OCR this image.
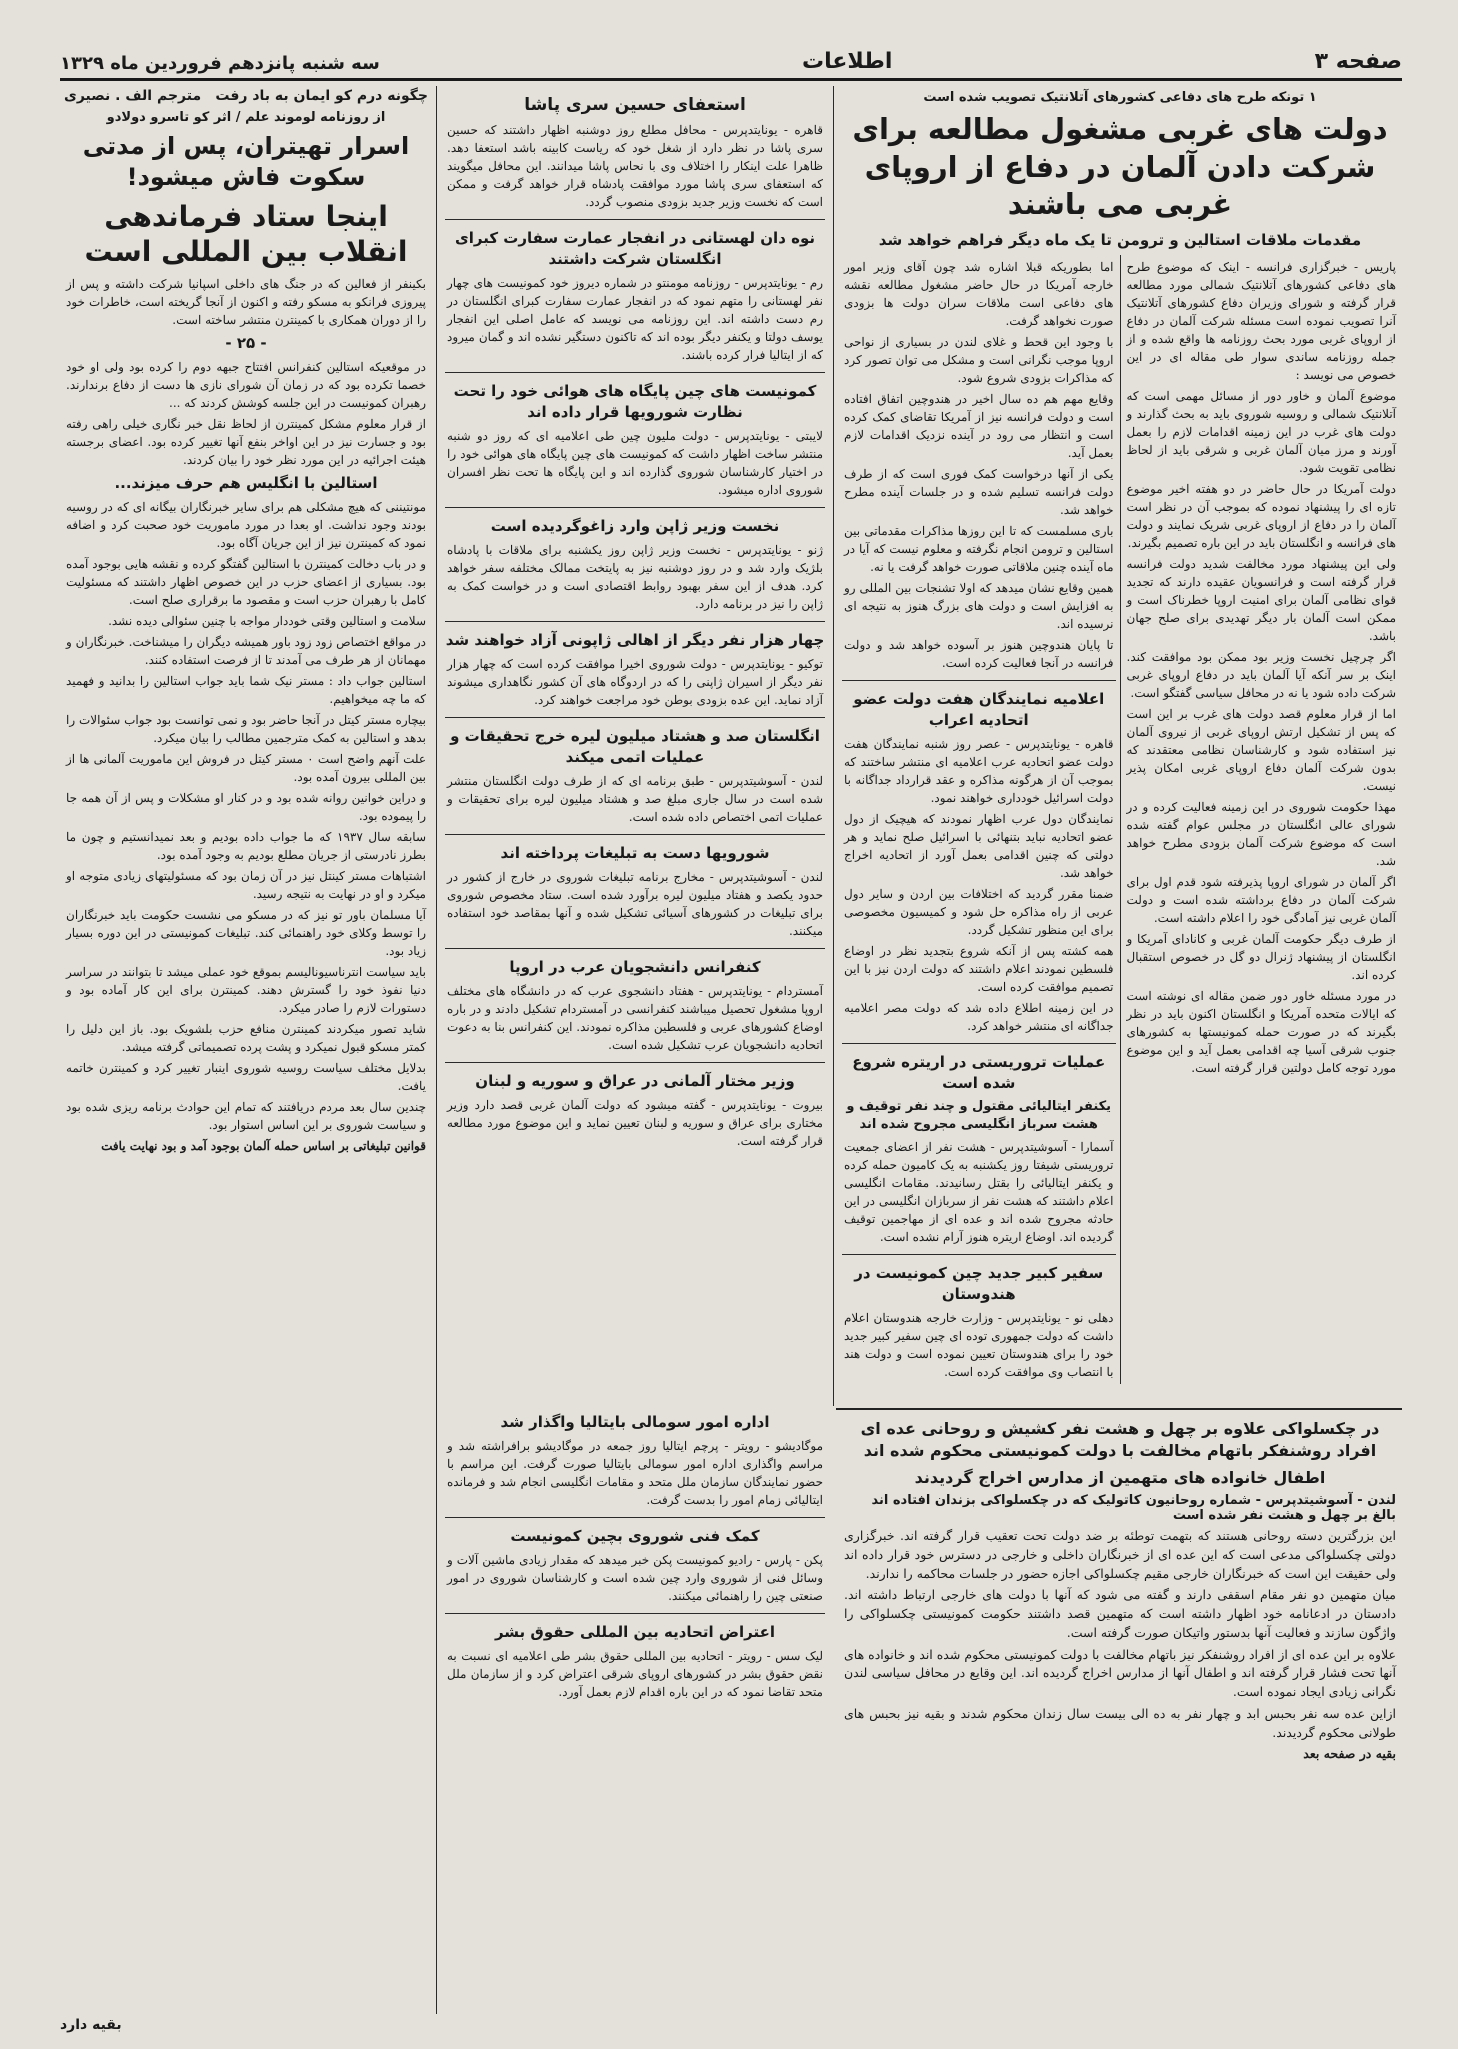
صفحه ۳
اطلاعات
سه شنبه پانزدهم فروردین ماه ۱۳۲۹
۱ تونکه طرح های دفاعی کشورهای آتلانتیک تصویب شده است
دولت های غربی مشغول مطالعه برای شرکت دادن آلمان در دفاع از اروپای غربی می باشند
مقدمات ملاقات استالین و ترومن تا یک ماه دیگر فراهم خواهد شد

پاریس - خبرگزاری فرانسه - اینک که موضوع طرح های دفاعی کشورهای آتلانتیک شمالی مورد مطالعه قرار گرفته و شورای وزیران دفاع کشورهای آتلانتیک آنرا تصویب نموده است مسئله شرکت آلمان در دفاع از اروپای غربی مورد بحث روزنامه ها واقع شده و از جمله روزنامه ساندی سوار طی مقاله ای در این خصوص می نویسد :

موضوع آلمان و خاور دور از مسائل مهمی است که آتلانتیک شمالی و روسیه شوروی باید به بحث گذارند و دولت های غرب در این زمینه اقدامات لازم را بعمل آورند و مرز میان آلمان غربی و شرقی باید از لحاظ نظامی تقویت شود.

دولت آمریکا در حال حاضر در دو هفته اخیر موضوع تازه ای را پیشنهاد نموده که بموجب آن در نظر است آلمان را در دفاع از اروپای غربی شریک نمایند و دولت های فرانسه و انگلستان باید در این باره تصمیم بگیرند.

ولی این پیشنهاد مورد مخالفت شدید دولت فرانسه قرار گرفته است و فرانسویان عقیده دارند که تجدید قوای نظامی آلمان برای امنیت اروپا خطرناک است و ممکن است آلمان بار دیگر تهدیدی برای صلح جهان باشد.

اگر چرچیل نخست وزیر بود ممکن بود موافقت کند. اینک بر سر آنکه آیا آلمان باید در دفاع اروپای غربی شرکت داده شود یا نه در محافل سیاسی گفتگو است.

اما از قرار معلوم قصد دولت های غرب بر این است که پس از تشکیل ارتش اروپای غربی از نیروی آلمان نیز استفاده شود و کارشناسان نظامی معتقدند که بدون شرکت آلمان دفاع اروپای غربی امکان پذیر نیست.

مهذا حکومت شوروی در این زمینه فعالیت کرده و در شورای عالی انگلستان در مجلس عوام گفته شده است که موضوع شرکت آلمان بزودی مطرح خواهد شد.

اگر آلمان در شورای اروپا پذیرفته شود قدم اول برای شرکت آلمان در دفاع برداشته شده است و دولت آلمان غربی نیز آمادگی خود را اعلام داشته است.

از طرف دیگر حکومت آلمان غربی و کانادای آمریکا و انگلستان از پیشنهاد ژنرال دو گل در خصوص استقبال کرده اند.

در مورد مسئله خاور دور ضمن مقاله ای نوشته است که ایالات متحده آمریکا و انگلستان اکنون باید در نظر بگیرند که در صورت حمله کمونیستها به کشورهای جنوب شرقی آسیا چه اقدامی بعمل آید و این موضوع مورد توجه کامل دولتین قرار گرفته است.

اما بطوریکه قبلا اشاره شد چون آقای وزیر امور خارجه آمریکا در حال حاضر مشغول مطالعه نقشه های دفاعی است ملاقات سران دولت ها بزودی صورت نخواهد گرفت.

با وجود این قحط و غلای لندن در بسیاری از نواحی اروپا موجب نگرانی است و مشکل می توان تصور کرد که مذاکرات بزودی شروع شود.

وقایع مهم هم ده سال اخیر در هندوچین اتفاق افتاده است و دولت فرانسه نیز از آمریکا تقاضای کمک کرده است و انتظار می رود در آینده نزدیک اقدامات لازم بعمل آید.

یکی از آنها درخواست کمک فوری است که از طرف دولت فرانسه تسلیم شده و در جلسات آینده مطرح خواهد شد.

باری مسلمست که تا این روزها مذاکرات مقدماتی بین استالین و ترومن انجام نگرفته و معلوم نیست که آیا در ماه آینده چنین ملاقاتی صورت خواهد گرفت یا نه.

همین وقایع نشان میدهد که اولا تشنجات بین المللی رو به افزایش است و دولت های بزرگ هنوز به نتیجه ای نرسیده اند.

تا پایان هندوچین هنوز بر آسوده خواهد شد و دولت فرانسه در آنجا فعالیت کرده است.

اعلامیه نمایندگان هفت دولت عضو اتحادیه اعراب

قاهره - یونایتدپرس - عصر روز شنبه نمایندگان هفت دولت عضو اتحادیه عرب اعلامیه ای منتشر ساختند که بموجب آن از هرگونه مذاکره و عقد قرارداد جداگانه با دولت اسرائیل خودداری خواهند نمود.

نمایندگان دول عرب اظهار نمودند که هیچیک از دول عضو اتحادیه نباید بتنهائی با اسرائیل صلح نماید و هر دولتی که چنین اقدامی بعمل آورد از اتحادیه اخراج خواهد شد.

ضمنا مقرر گردید که اختلافات بین اردن و سایر دول عربی از راه مذاکره حل شود و کمیسیون مخصوصی برای این منظور تشکیل گردد.

همه کشته پس از آنکه شروع بتجدید نظر در اوضاع فلسطین نمودند اعلام داشتند که دولت اردن نیز با این تصمیم موافقت کرده است.

در این زمینه اطلاع داده شد که دولت مصر اعلامیه جداگانه ای منتشر خواهد کرد.

عملیات تروریستی در اریتره شروع شده است
یکنفر ایتالیائی مقتول و چند نفر توقیف و هشت سرباز انگلیسی مجروح شده اند

آسمارا - آسوشیتدپرس - هشت نفر از اعضای جمعیت تروریستی شیفتا روز یکشنبه به یک کامیون حمله کرده و یکنفر ایتالیائی را بقتل رسانیدند. مقامات انگلیسی اعلام داشتند که هشت نفر از سربازان انگلیسی در این حادثه مجروح شده اند و عده ای از مهاجمین توقیف گردیده اند. اوضاع اریتره هنوز آرام نشده است.

سفیر کبیر جدید چین کمونیست در هندوستان

دهلی نو - یونایتدپرس - وزارت خارجه هندوستان اعلام داشت که دولت جمهوری توده ای چین سفیر کبیر جدید خود را برای هندوستان تعیین نموده است و دولت هند با انتصاب وی موافقت کرده است.

در چکسلواکی علاوه بر چهل و هشت نفر کشیش و روحانی عده ای افراد روشنفکر باتهام مخالفت با دولت کمونیستی محکوم شده اند
اطفال خانواده های متهمین از مدارس اخراج گردیدند
لندن - آسوشیتدپرس - شماره روحانیون کاتولیک که در چکسلواکی بزندان افتاده اند بالغ بر چهل و هشت نفر شده است

این بزرگترین دسته روحانی هستند که بتهمت توطئه بر ضد دولت تحت تعقیب قرار گرفته اند. خبرگزاری دولتی چکسلواکی مدعی است که این عده ای از خبرنگاران داخلی و خارجی در دسترس خود قرار داده اند ولی حقیقت این است که خبرنگاران خارجی مقیم چکسلواکی اجازه حضور در جلسات محاکمه را ندارند.

میان متهمین دو نفر مقام اسقفی دارند و گفته می شود که آنها با دولت های خارجی ارتباط داشته اند. دادستان در ادعانامه خود اظهار داشته است که متهمین قصد داشتند حکومت کمونیستی چکسلواکی را واژگون سازند و فعالیت آنها بدستور واتیکان صورت گرفته است.

علاوه بر این عده ای از افراد روشنفکر نیز باتهام مخالفت با دولت کمونیستی محکوم شده اند و خانواده های آنها تحت فشار قرار گرفته اند و اطفال آنها از مدارس اخراج گردیده اند. این وقایع در محافل سیاسی لندن نگرانی زیادی ایجاد نموده است.

ازاین عده سه نفر بحبس ابد و چهار نفر به ده الی بیست سال زندان محکوم شدند و بقیه نیز بحبس های طولانی محکوم گردیدند.

بقیه در صفحه بعد

استعفای حسین سری پاشا

قاهره - یونایتدپرس - محافل مطلع روز دوشنبه اظهار داشتند که حسین سری پاشا در نظر دارد از شغل خود که ریاست کابینه باشد استعفا دهد. ظاهرا علت اینکار را اختلاف وی با نحاس پاشا میدانند. این محافل میگویند که استعفای سری پاشا مورد موافقت پادشاه قرار خواهد گرفت و ممکن است که نخست وزیر جدید بزودی منصوب گردد.

نوه دان لهستانی در انفجار عمارت سفارت کبرای انگلستان شرکت داشتند

رم - یونایتدپرس - روزنامه مومنتو در شماره دیروز خود کمونیست های چهار نفر لهستانی را متهم نمود که در انفجار عمارت سفارت کبرای انگلستان در رم دست داشته اند. این روزنامه می نویسد که عامل اصلی این انفجار یوسف دولتا و یکنفر دیگر بوده اند که تاکنون دستگیر نشده اند و گمان میرود که از ایتالیا فرار کرده باشند.

کمونیست های چین پایگاه های هوائی خود را تحت نظارت شورویها قرار داده اند

لایبتی - یونایتدپرس - دولت ملیون چین طی اعلامیه ای که روز دو شنبه منتشر ساخت اظهار داشت که کمونیست های چین پایگاه های هوائی خود را در اختیار کارشناسان شوروی گذارده اند و این پایگاه ها تحت نظر افسران شوروی اداره میشود.

نخست وزیر ژاپن وارد زاغوگرديده است

ژنو - یونایتدپرس - نخست وزیر ژاپن روز یکشنبه برای ملاقات با پادشاه بلژیک وارد شد و در روز دوشنبه نیز به پایتخت ممالک مختلفه سفر خواهد کرد. هدف از این سفر بهبود روابط اقتصادی است و در خواست کمک به ژاپن را نیز در برنامه دارد.

چهار هزار نفر دیگر از اهالی ژاپونی آزاد خواهند شد

توکیو - یونایتدپرس - دولت شوروی اخیرا موافقت کرده است که چهار هزار نفر دیگر از اسیران ژاپنی را که در اردوگاه های آن کشور نگاهداری میشوند آزاد نماید. این عده بزودی بوطن خود مراجعت خواهند کرد.

انگلستان صد و هشتاد میلیون لیره خرج تحقیقات و عملیات اتمی میکند

لندن - آسوشیتدپرس - طبق برنامه ای که از طرف دولت انگلستان منتشر شده است در سال جاری مبلغ صد و هشتاد میلیون لیره برای تحقیقات و عملیات اتمی اختصاص داده شده است.

شورویها دست به تبلیغات پرداخته اند

لندن - آسوشیتدپرس - مخارج برنامه تبلیغات شوروی در خارج از کشور در حدود یکصد و هفتاد میلیون لیره برآورد شده است. ستاد مخصوص شوروی برای تبلیغات در کشورهای آسیائی تشکیل شده و آنها بمقاصد خود استفاده میکنند.

کنفرانس دانشجویان عرب در اروپا

آمستردام - یونایتدپرس - هفتاد دانشجوی عرب که در دانشگاه های مختلف اروپا مشغول تحصیل میباشند کنفرانسی در آمستردام تشکیل دادند و در باره اوضاع کشورهای عربی و فلسطین مذاکره نمودند. این کنفرانس بنا به دعوت اتحادیه دانشجویان عرب تشکیل شده است.

وزیر مختار آلمانی در عراق و سوریه و لبنان

بیروت - یونایتدپرس - گفته میشود که دولت آلمان غربی قصد دارد وزیر مختاری برای عراق و سوریه و لبنان تعیین نماید و این موضوع مورد مطالعه قرار گرفته است.

اداره امور سومالی بایتالیا واگذار شد

موگادیشو - رویتر - پرچم ایتالیا روز جمعه در موگادیشو برافراشته شد و مراسم واگذاری اداره امور سومالی بایتالیا صورت گرفت. این مراسم با حضور نمایندگان سازمان ملل متحد و مقامات انگلیسی انجام شد و فرمانده ایتالیائی زمام امور را بدست گرفت.

کمک فنی شوروی بچین کمونیست

پکن - پارس - رادیو کمونیست پکن خبر میدهد که مقدار زیادی ماشین آلات و وسائل فنی از شوروی وارد چین شده است و کارشناسان شوروی در امور صنعتی چین را راهنمائی میکنند.

اعتراض اتحادیه بین المللی حقوق بشر

لیک سس - رویتر - اتحادیه بین المللی حقوق بشر طی اعلامیه ای نسبت به نقض حقوق بشر در کشورهای اروپای شرقی اعتراض کرد و از سازمان ملل متحد تقاضا نمود که در این باره اقدام لازم بعمل آورد.

چگونه درم کو ایمان به باد رفت
مترجم الف . نصیری
از روزنامه لوموند علم / اثر کو تاسرو دولادو
اسرار تهیتران، پس از مدتی سکوت فاش میشود!
اینجا ستاد فرماندهی انقلاب بین المللی است

بکینفر از فعالین که در جنگ های داخلی اسپانیا شرکت داشته و پس از پیروزی فرانکو به مسکو رفته و اکنون از آنجا گریخته است، خاطرات خود را از دوران همکاری با کمینترن منتشر ساخته است.

- ۲۵ -

در موقعیکه استالین کنفرانس افتتاح جبهه دوم را کرده بود ولی او خود خصما تکرده بود که در زمان آن شورای نازی ها دست از دفاع برندارند. رهبران کمونیست در این جلسه کوشش کردند که ...

از قرار معلوم مشکل کمینترن از لحاظ نقل خبر نگاری خیلی راهی رفته بود و جسارت نیز در این اواخر بنفع آنها تغییر کرده بود. اعضای برجسته هیئت اجرائیه در این مورد نظر خود را بیان کردند.

استالین با انگلیس هم حرف میزند...

مونتیننی که هیچ مشکلی هم برای سایر خبرنگاران بیگانه ای که در روسیه بودند وجود نداشت. او بعدا در مورد ماموریت خود صحبت کرد و اضافه نمود که کمینترن نیز از این جریان آگاه بود.

و در باب دخالت کمینترن با استالین گفتگو کرده و نقشه هایی بوجود آمده بود. بسیاری از اعضای حزب در این خصوص اظهار داشتند که مسئولیت کامل با رهبران حزب است و مقصود ما برقراری صلح است.

سلامت و استالین وقتی خوددار مواجه با چنین سئوالی دیده نشد.

در مواقع اختصاص زود زود باور همیشه دیگران را میشناخت. خبرنگاران و مهمانان از هر طرف می آمدند تا از فرصت استفاده کنند.

استالین جواب داد : مستر نیک شما باید جواب استالین را بدانید و فهمید که ما چه میخواهیم.

بیچاره مستر کیتل در آنجا حاضر بود و نمی توانست بود جواب سئوالات را بدهد و استالین به کمک مترجمین مطالب را بیان میکرد.

علت آنهم واضح است ۰ مستر کیتل در فروش این ماموریت آلمانی ها از بین المللی بیرون آمده بود.

و دراین خوانین روانه شده بود و در کنار او مشکلات و پس از آن همه جا را پیموده بود.

سابقه سال ۱۹۳۷ که ما جواب داده بودیم و بعد نمیدانستیم و چون ما بطرز نادرستی از جریان مطلع بودیم به وجود آمده بود.

اشتباهات مستر کینتل نیز در آن زمان بود که مسئولیتهای زیادی متوجه او میکرد و او در نهایت به نتیجه رسید.

آیا مسلمان باور تو نیز که در مسکو می نشست حکومت باید خبرنگاران را توسط وکلای خود راهنمائی کند. تبلیغات کمونیستی در این دوره بسیار زیاد بود.

باید سیاست انترناسیونالیسم بموقع خود عملی میشد تا بتوانند در سراسر دنیا نفوذ خود را گسترش دهند. کمینترن برای این کار آماده بود و دستورات لازم را صادر میکرد.

شاید تصور میکردند کمینترن منافع حزب بلشویک بود. باز این دلیل را کمتر مسکو قبول نمیکرد و پشت پرده تصمیماتی گرفته میشد.

بدلایل مختلف سیاست روسیه شوروی اینبار تغییر کرد و کمینترن خاتمه یافت.

چندین سال بعد مردم دریافتند که تمام این حوادث برنامه ریزی شده بود و سیاست شوروی بر این اساس استوار بود.

قوانین تبلیغاتی بر اساس حمله آلمان بوجود آمد و بود نهایت یافت

بقیه دارد
